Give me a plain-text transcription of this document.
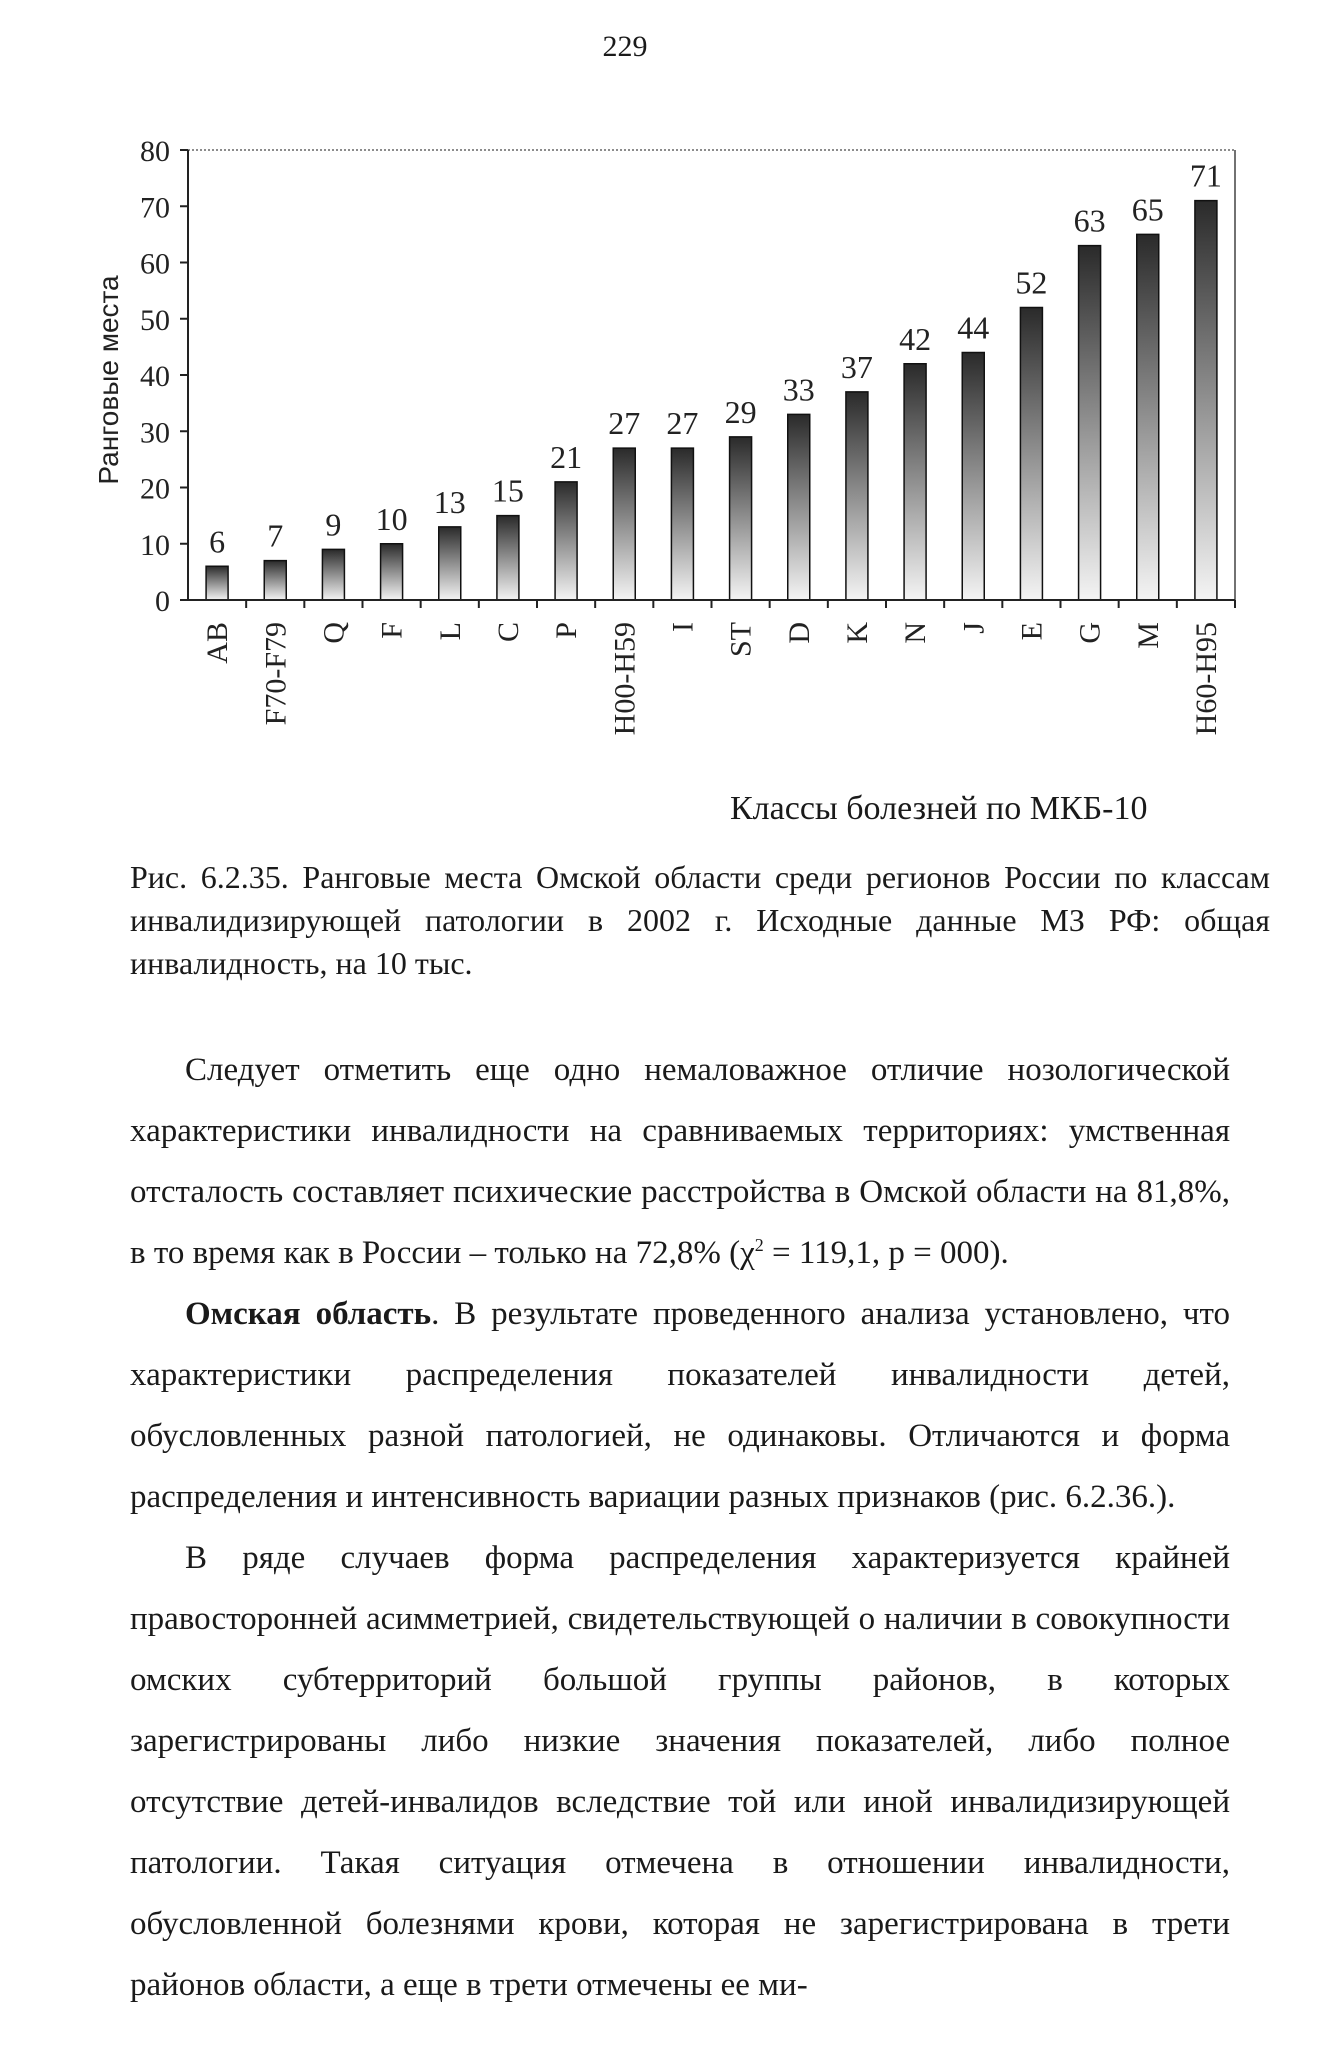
229
0
10
20
30
40
50
60
70
80
6 7 9 10 13 15
21
27 27 29
33
37
42 44
52
63 65
71
AB F70-F79 Q F L C P H00-H59 I ST D K N J E G M H60-H95
Ранговые места
Классы болезней по МКБ-10
Рис. 6.2.35. Ранговые места Омской области среди регионов России по классам инвалидизирующей патологии в 2002 г. Исходные данные МЗ РФ: общая инвалидность, на 10 тыс.

Следует отметить еще одно немаловажное отличие нозологической характеристики инвалидности на сравниваемых территориях: умственная отсталость составляет психические расстройства в Омской области на 81,8%, в то время как в России – только на 72,8% ($\chi^2 = 119,1$, p = 000).

Омская область. В результате проведенного анализа установлено, что характеристики распределения показателей инвалидности детей, обусловленных разной патологией, не одинаковы. Отличаются и форма распределения и интенсивность вариации разных признаков (рис. 6.2.36.).

В ряде случаев форма распределения характеризуется крайней правосторонней асимметрией, свидетельствующей о наличии в совокупности омских субтерриторий большой группы районов, в которых зарегистрированы либо низкие значения показателей, либо полное отсутствие детей-инвалидов вследствие той или иной инвалидизирующей патологии. Такая ситуация отмечена в отношении инвалидности, обусловленной болезнями крови, которая не зарегистрирована в трети районов области, а еще в трети отмечены ее ми-
